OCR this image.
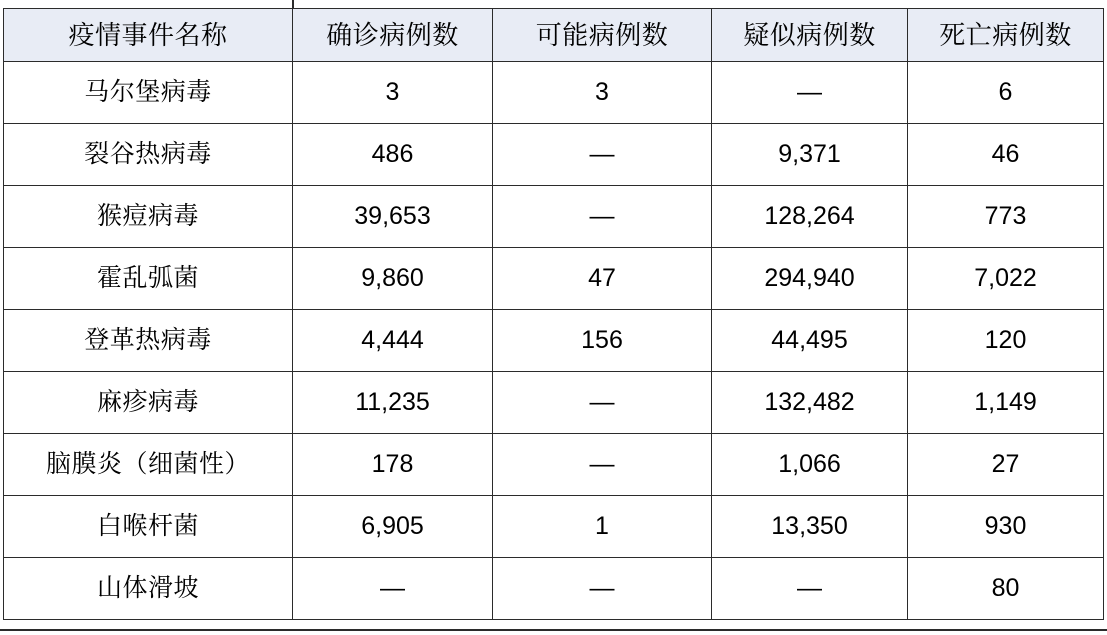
疫情事件名称	确诊病例数	可能病例数	疑似病例数	死亡病例数
马尔堡病毒	3	3	—	6
裂谷热病毒	486	—	9,371	46
猴痘病毒	39,653	—	128,264	773
霍乱弧菌	9,860	47	294,940	7,022
登革热病毒	4,444	156	44,495	120
麻疹病毒	11,235	—	132,482	1,149
脑膜炎（细菌性）	178	—	1,066	27
白喉杆菌	6,905	1	13,350	930
山体滑坡	—	—	—	80
